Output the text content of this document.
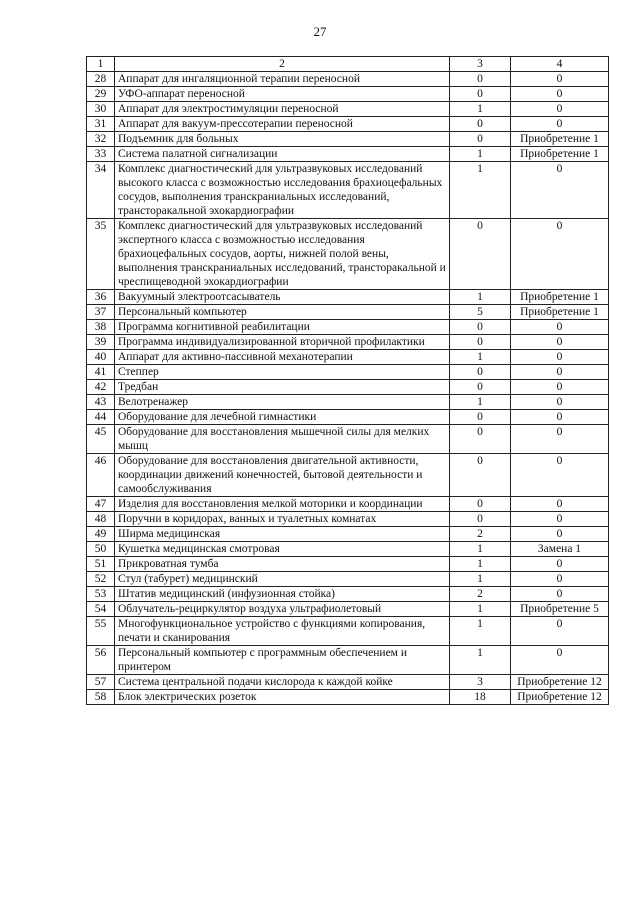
27
1	2	3	4
28	Аппарат для ингаляционной терапии переносной	0	0
29	УФО-аппарат переносной	0	0
30	Аппарат для электростимуляции переносной	1	0
31	Аппарат для вакуум-прессотерапии переносной	0	0
32	Подъемник для больных	0	Приобретение 1
33	Система палатной сигнализации	1	Приобретение 1
34	Комплекс диагностический для ультразвуковых исследований высокого класса с возможностью исследования брахиоцефальных сосудов, выполнения транскраниальных исследований, трансторакальной эхокардиографии	1	0
35	Комплекс диагностический для ультразвуковых исследований экспертного класса с возможностью исследования брахиоцефальных сосудов, аорты, нижней полой вены, выполнения транскраниальных исследований, трансторакальной и чреспищеводной эхокардиографии	0	0
36	Вакуумный электроотсасыватель	1	Приобретение 1
37	Персональный компьютер	5	Приобретение 1
38	Программа когнитивной реабилитации	0	0
39	Программа индивидуализированной вторичной профилактики	0	0
40	Аппарат для активно-пассивной механотерапии	1	0
41	Степпер	0	0
42	Тредбан	0	0
43	Велотренажер	1	0
44	Оборудование для лечебной гимнастики	0	0
45	Оборудование для восстановления мышечной силы для мелких мышц	0	0
46	Оборудование для восстановления двигательной активности, координации движений конечностей, бытовой деятельности и самообслуживания	0	0
47	Изделия для восстановления мелкой моторики и координации	0	0
48	Поручни в коридорах, ванных и туалетных комнатах	0	0
49	Ширма медицинская	2	0
50	Кушетка медицинская смотровая	1	Замена 1
51	Прикроватная тумба	1	0
52	Стул (табурет) медицинский	1	0
53	Штатив медицинский (инфузионная стойка)	2	0
54	Облучатель-рециркулятор воздуха ультрафиолетовый	1	Приобретение 5
55	Многофункциональное устройство с функциями копирования, печати и сканирования	1	0
56	Персональный компьютер с программным обеспечением и принтером	1	0
57	Система центральной подачи кислорода к каждой койке	3	Приобретение 12
58	Блок электрических розеток	18	Приобретение 12
